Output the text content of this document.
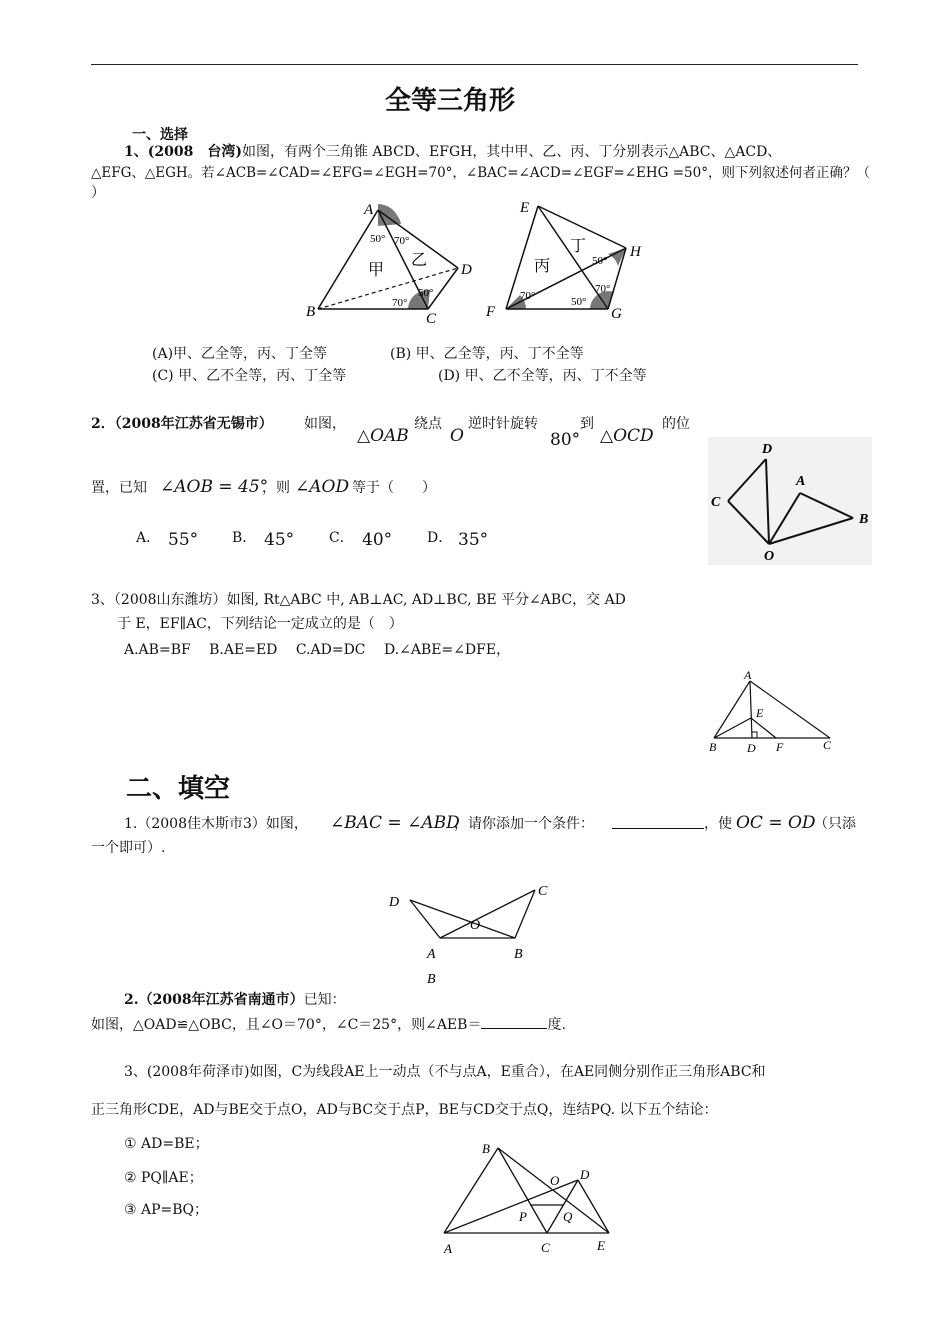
全等三角形
一、选择
1、(2008　台湾)如图，有两个三角锥 ABCD、EFGH，其中甲、乙、丙、丁分别表示△ABC、△ACD、
△EFG、△EGH。若∠ACB=∠CAD=∠EFG=∠EGH=70°，∠BAC=∠ACD=∠EGF=∠EHG =50°，则下列叙述何者正确？（
）
A
B	C
D
50° 70°
70°
50°
甲
乙
E
F	G
H
70°	50°
70°
50°
丙
丁
(A)甲、乙全等，丙、丁全等	(B) 甲、乙全等，丙、丁不全等
(C) 甲、乙不全等，丙、丁全等	(D) 甲、乙不全等，丙、丁不全等
2．（2008年江苏省无锡市） 如图，
△OAB
绕点
O
逆时针旋转
80°
到
△OCD
的位
置，已知 ∠AOB = 45°
，则 ∠AOD 等于（　　）
A． 55° B． 45° C． 40° D． 35°
D
C
A
B
O
3、（2008山东潍坊）如图, Rt△ABC 中, AB⊥AC, AD⊥BC, BE 平分∠ABC，交 AD
于 E，EF∥AC，下列结论一定成立的是（　）
A.AB=BF　 B.AE=ED　 C.AD=DC　 D.∠ABE=∠DFE，
A
B	C
D
E
F
二、填空
1.（2008佳木斯市3）如图， ∠BAC = ∠ABD
，请你添加一个条件：	，使 OC = OD
（只添
一个即可）.
D
C
O
A	B
B
2.（2008年江苏省南通市）已知：
如图，△OAD≌△OBC，且∠O＝70°，∠C＝25°，则∠AEB＝	度.
3、(2008年荷泽市)如图，C为线段AE上一动点（不与点A，E重合），在AE同侧分别作正三角形ABC和
正三角形CDE，AD与BE交于点O，AD与BC交于点P，BE与CD交于点Q，连结PQ. 以下五个结论：
① AD=BE；
② PQ∥AE；
③ AP=BQ；
B
D
O
P	Q
A	C	E
